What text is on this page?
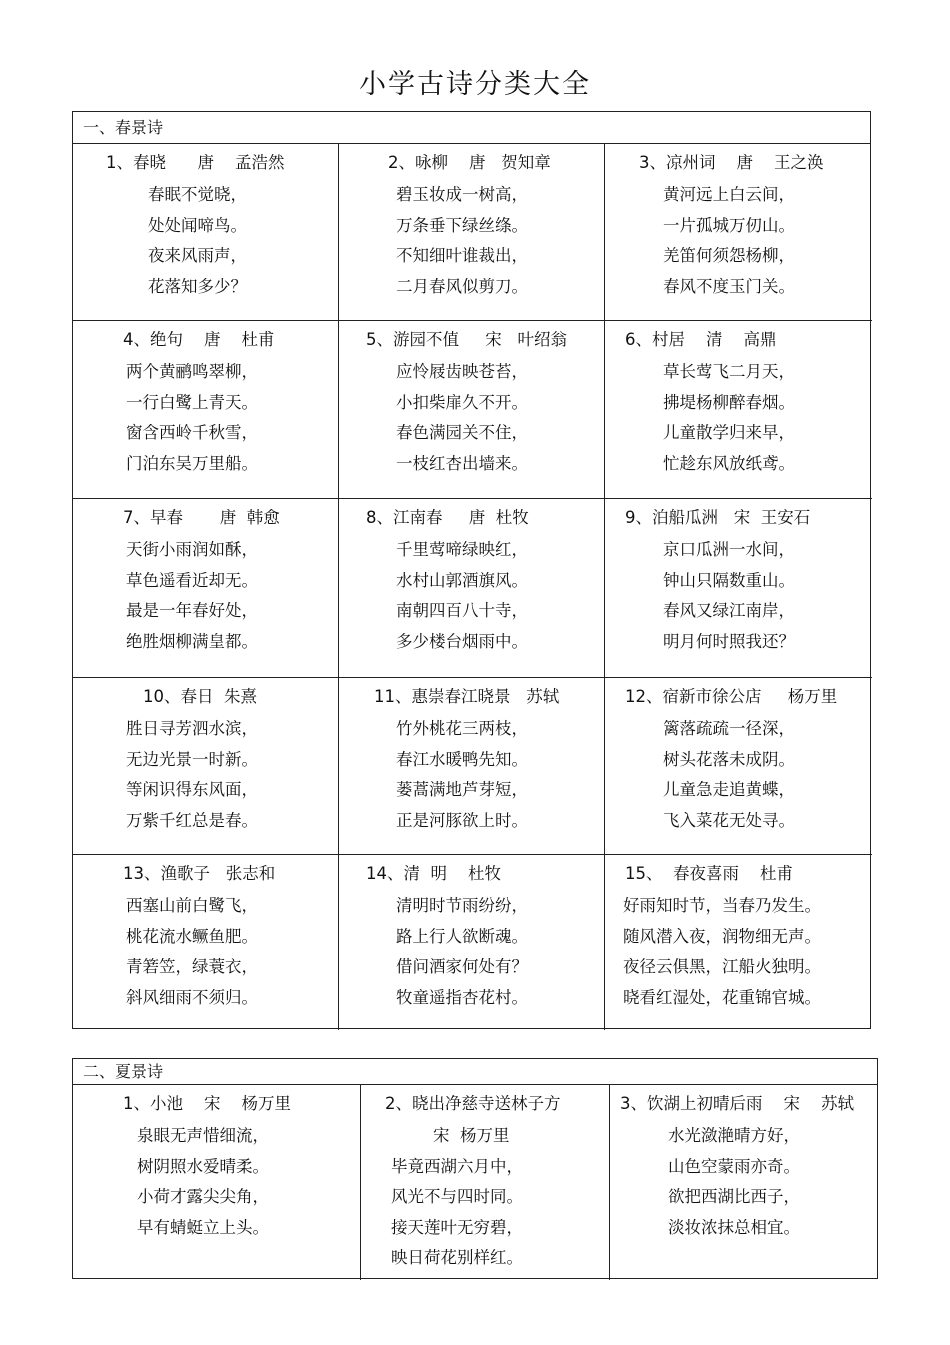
小学古诗分类大全
一、春景诗
1、春晓      唐    孟浩然
春眠不觉晓，
处处闻啼鸟。
夜来风雨声，
花落知多少？
2、咏柳    唐   贺知章
碧玉妆成一树高，
万条垂下绿丝绦。
不知细叶谁裁出，
二月春风似剪刀。
3、凉州词    唐    王之涣
黄河远上白云间，
一片孤城万仞山。
羌笛何须怨杨柳，
春风不度玉门关。
4、绝句    唐    杜甫
两个黄鹂鸣翠柳，
一行白鹭上青天。
窗含西岭千秋雪，
门泊东吴万里船。
5、游园不值     宋   叶绍翁
应怜屐齿映苍苔，
小扣柴扉久不开。
春色满园关不住，
一枝红杏出墙来。
6、村居    清    高鼎
草长莺飞二月天，
拂堤杨柳醉春烟。
儿童散学归来早，
忙趁东风放纸鸢。
7、早春       唐  韩愈
天街小雨润如酥，
草色遥看近却无。
最是一年春好处，
绝胜烟柳满皇都。
8、江南春     唐  杜牧
千里莺啼绿映红，
水村山郭酒旗风。
南朝四百八十寺，
多少楼台烟雨中。
9、泊船瓜洲   宋  王安石
京口瓜洲一水间，
钟山只隔数重山。
春风又绿江南岸，
明月何时照我还？
10、春日  朱熹
胜日寻芳泗水滨，
无边光景一时新。
等闲识得东风面，
万紫千红总是春。
11、惠崇春江晓景   苏轼
竹外桃花三两枝，
春江水暖鸭先知。
蒌蒿满地芦芽短，
正是河豚欲上时。
12、宿新市徐公店     杨万里
篱落疏疏一径深，
树头花落未成阴。
儿童急走追黄蝶，
飞入菜花无处寻。
13、渔歌子   张志和
西塞山前白鹭飞，
桃花流水鳜鱼肥。
青箬笠，绿蓑衣，
斜风细雨不须归。
14、清  明    杜牧
清明时节雨纷纷，
路上行人欲断魂。
借问酒家何处有？
牧童遥指杏花村。
15、  春夜喜雨    杜甫
好雨知时节，当春乃发生。
随风潜入夜，润物细无声。
夜径云俱黑，江船火独明。
晓看红湿处，花重锦官城。
二、夏景诗
1、小池    宋    杨万里
泉眼无声惜细流，
树阴照水爱晴柔。
小荷才露尖尖角，
早有蜻蜓立上头。
2、晓出净慈寺送林子方
宋  杨万里
毕竟西湖六月中，
风光不与四时同。
接天莲叶无穷碧，
映日荷花别样红。
3、饮湖上初晴后雨    宋    苏轼
水光潋滟晴方好，
山色空蒙雨亦奇。
欲把西湖比西子，
淡妆浓抹总相宜。
